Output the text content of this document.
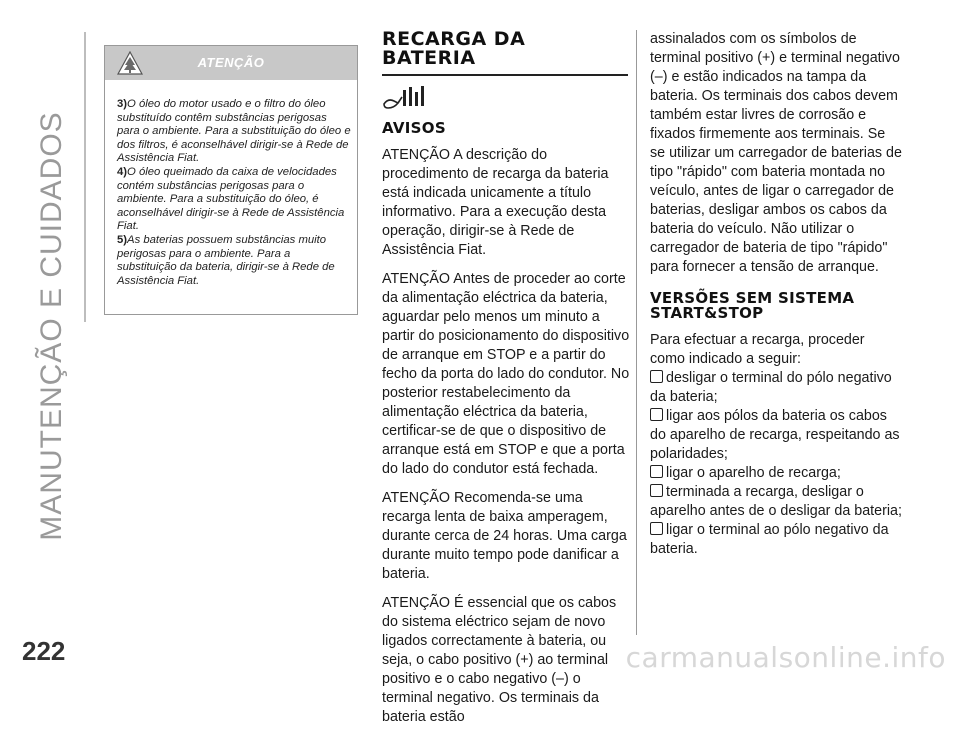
MANUTENÇÃO E CUIDADOS
222
ATENÇÃO

3)O óleo do motor usado e o filtro do óleo substituído contêm substâncias perigosas para o ambiente. Para a substituição do óleo e dos filtros, é aconselhável dirigir-se à Rede de Assistência Fiat.

4)O óleo queimado da caixa de velocidades contém substâncias perigosas para o ambiente. Para a substituição do óleo, é aconselhável dirigir-se à Rede de Assistência Fiat.

5)As baterias possuem substâncias muito perigosas para o ambiente. Para a substituição da bateria, dirigir-se à Rede de Assistência Fiat.

RECARGA DA
BATERIA
AVISOS

ATENÇÃO A descrição do procedimento de recarga da bateria está indicada unicamente a título informativo. Para a execução desta operação, dirigir-se à Rede de Assistência Fiat.

ATENÇÃO Antes de proceder ao corte da alimentação eléctrica da bateria, aguardar pelo menos um minuto a partir do posicionamento do dispositivo de arranque em STOP e a partir do fecho da porta do lado do condutor. No posterior restabelecimento da alimentação eléctrica da bateria, certificar-se de que o dispositivo de arranque está em STOP e que a porta do lado do condutor está fechada.

ATENÇÃO Recomenda-se uma recarga lenta de baixa amperagem, durante cerca de 24 horas. Uma carga durante muito tempo pode danificar a bateria.

ATENÇÃO É essencial que os cabos do sistema eléctrico sejam de novo ligados correctamente à bateria, ou seja, o cabo positivo (+) ao terminal positivo e o cabo negativo (–) o terminal negativo. Os terminais da bateria estão

assinalados com os símbolos de terminal positivo (+) e terminal negativo (–) e estão indicados na tampa da bateria. Os terminais dos cabos devem também estar livres de corrosão e fixados firmemente aos terminais. Se se utilizar um carregador de baterias de tipo "rápido" com bateria montada no veículo, antes de ligar o carregador de baterias, desligar ambos os cabos da bateria do veículo. Não utilizar o carregador de bateria de tipo "rápido" para fornecer a tensão de arranque.

VERSÕES SEM SISTEMA
START&STOP

Para efectuar a recarga, proceder como indicado a seguir:

desligar o terminal do pólo negativo da bateria;

ligar aos pólos da bateria os cabos do aparelho de recarga, respeitando as polaridades;

ligar o aparelho de recarga;

terminada a recarga, desligar o aparelho antes de o desligar da bateria;

ligar o terminal ao pólo negativo da bateria.

carmanualsonline.info
